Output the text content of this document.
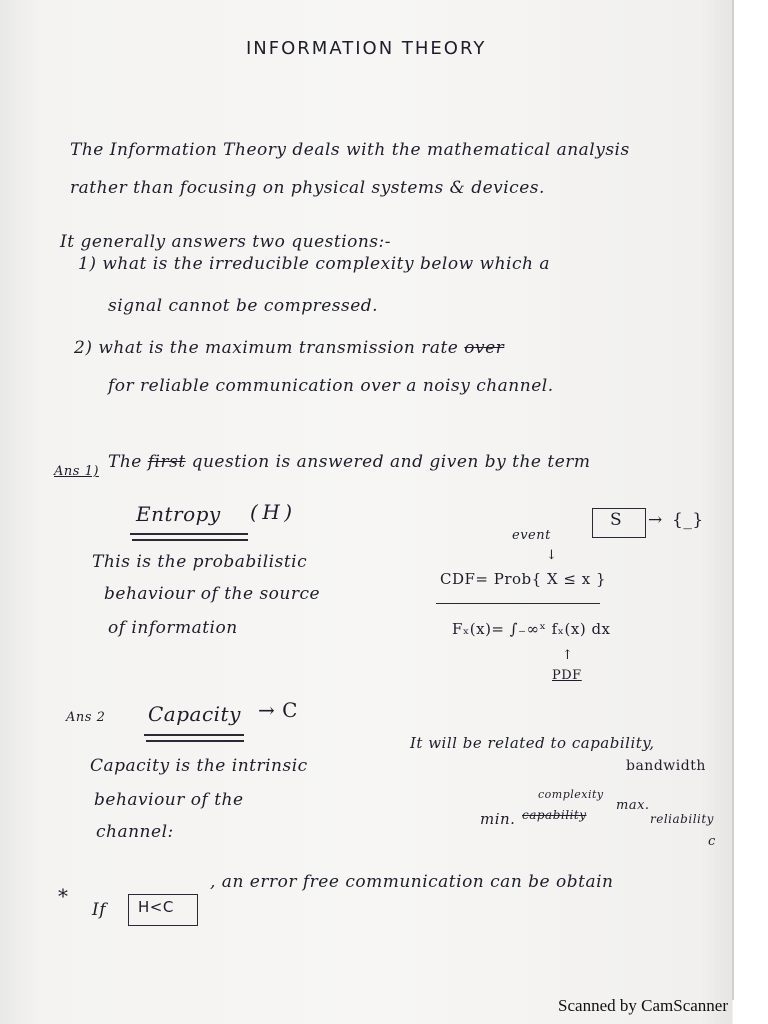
INFORMATION THEORY
The Information Theory deals with the mathematical analysis
rather than focusing on physical systems & devices.
It generally answers two questions:-
1) what is the irreducible complexity below which a
signal cannot be compressed.
2) what is the maximum transmission rate over
for reliable communication over a noisy channel.
Ans 1) The first question is answered and given by the term
Entropy ( H )
This is the probabilistic
behaviour of the source
of information
S → {_}
event
↓
CDF= Prob{ X ≤ x }
Fₓ(x)= ∫₋∞ˣ fₓ(x) dx
↑
PDF
Ans 2 Capacity → C
Capacity is the intrinsic
behaviour of the
channel:
It will be related to capability,
bandwidth
complexity
min. capability
max.
reliability
c
*
If H<C
, an error free communication can be obtain
Scanned by CamScanner
